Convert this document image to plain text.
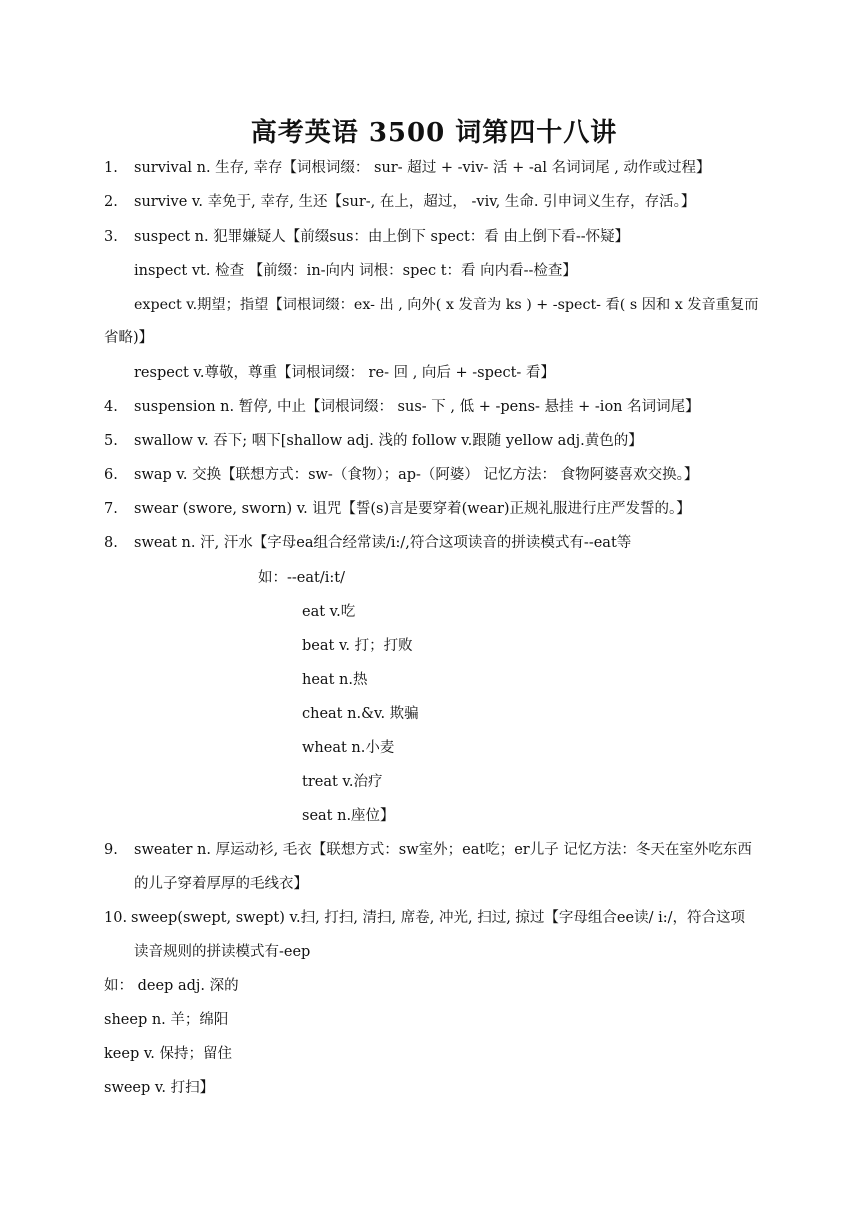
高考英语 3500 词第四十八讲
1. survival n. 生存, 幸存【词根词缀： sur- 超过 + -viv- 活 + -al 名词词尾 , 动作或过程】
2. survive v. 幸免于, 幸存, 生还【sur-, 在上，超过， -viv, 生命. 引申词义生存，存活。】
3. suspect n. 犯罪嫌疑人【前缀sus：由上倒下 spect：看 由上倒下看--怀疑】
inspect vt. 检查 【前缀：in-向内 词根：spec t：看 向内看--检查】
expect v.期望；指望【词根词缀：ex- 出 , 向外( x 发音为 ks ) + -spect- 看( s 因和 x 发音重复而
省略)】
respect v.尊敬，尊重【词根词缀： re- 回 , 向后 + -spect- 看】
4. suspension n. 暂停, 中止【词根词缀： sus- 下 , 低 + -pens- 悬挂 + -ion 名词词尾】
5. swallow v. 吞下; 咽下[shallow adj. 浅的 follow v.跟随 yellow adj.黄色的】
6. swap v. 交换【联想方式：sw-（食物）；ap-（阿婆） 记忆方法： 食物阿婆喜欢交换。】
7. swear (swore, sworn) v. 诅咒【誓(s)言是要穿着(wear)正规礼服进行庄严发誓的。】
8. sweat n. 汗, 汗水【字母ea组合经常读/i:/,符合这项读音的拼读模式有--eat等
如：--eat/i:t/
eat v.吃
beat v. 打；打败
heat n.热
cheat n.&v. 欺骗
wheat n.小麦
treat v.治疗
seat n.座位】
9. sweater n. 厚运动衫, 毛衣【联想方式：sw室外；eat吃；er儿子 记忆方法：冬天在室外吃东西
的儿子穿着厚厚的毛线衣】
10. sweep(swept, swept) v.扫, 打扫, 清扫, 席卷, 冲光, 扫过, 掠过【字母组合ee读/ i:/，符合这项
读音规则的拼读模式有-eep
如： deep adj. 深的
sheep n. 羊；绵阳
keep v. 保持；留住
sweep v. 打扫】
